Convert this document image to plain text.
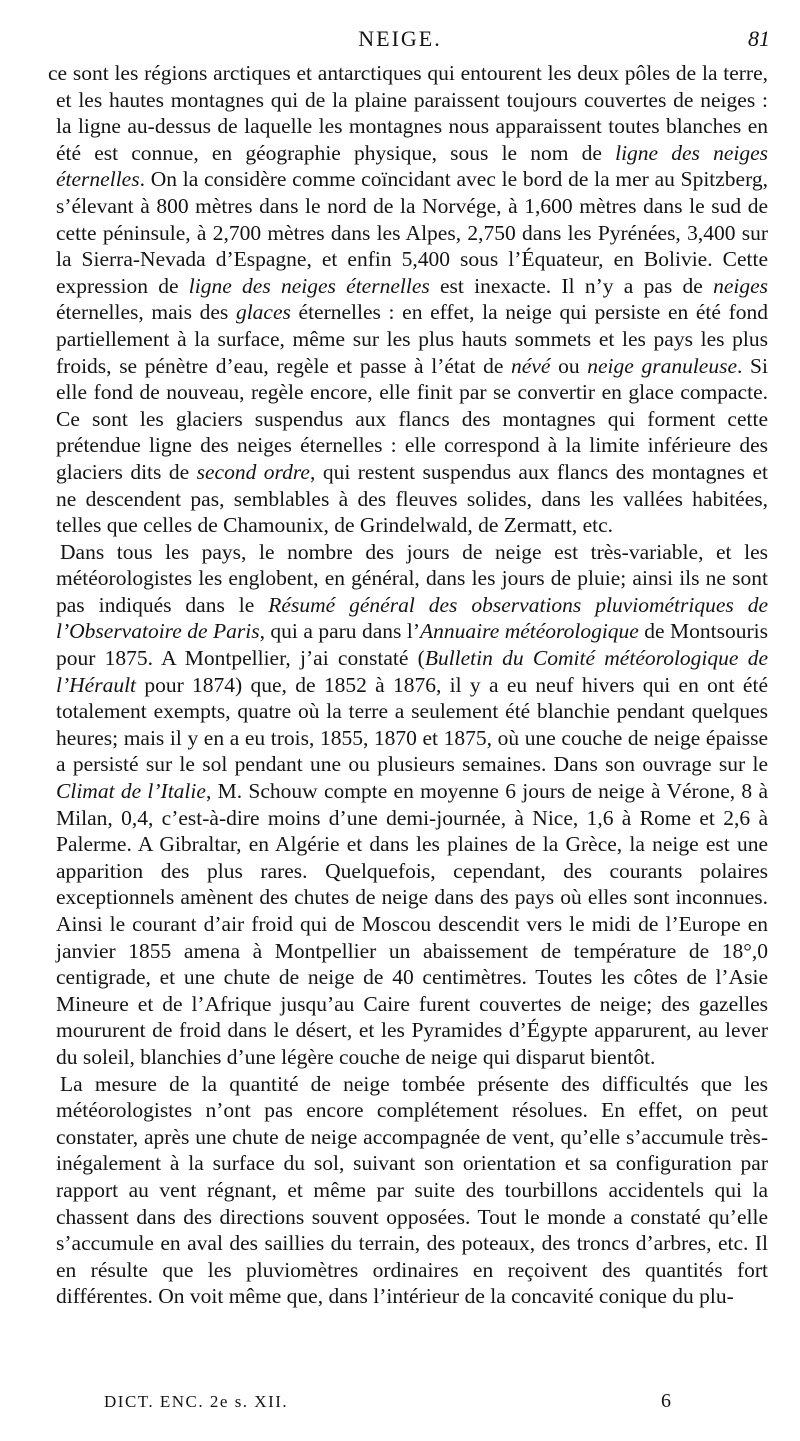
NEIGE.	81

ce sont les régions arctiques et antarctiques qui entourent les deux pôles de la terre, et les hautes montagnes qui de la plaine paraissent toujours couvertes de neiges : la ligne au-dessus de laquelle les montagnes nous apparaissent toutes blanches en été est connue, en géographie physique, sous le nom de ligne des neiges éternelles. On la considère comme coïncidant avec le bord de la mer au Spitzberg, s’élevant à 800 mètres dans le nord de la Norvége, à 1,600 mètres dans le sud de cette péninsule, à 2,700 mètres dans les Alpes, 2,750 dans les Pyrénées, 3,400 sur la Sierra-Nevada d’Espagne, et enfin 5,400 sous l’Équateur, en Bolivie. Cette expression de ligne des neiges éternelles est inexacte. Il n’y a pas de neiges éternelles, mais des glaces éternelles : en effet, la neige qui persiste en été fond partiellement à la surface, même sur les plus hauts sommets et les pays les plus froids, se pénètre d’eau, regèle et passe à l’état de névé ou neige granuleuse. Si elle fond de nouveau, regèle encore, elle finit par se convertir en glace compacte. Ce sont les glaciers suspendus aux flancs des montagnes qui forment cette prétendue ligne des neiges éternelles : elle correspond à la limite inférieure des glaciers dits de second ordre, qui restent suspendus aux flancs des montagnes et ne descendent pas, semblables à des fleuves solides, dans les vallées habitées, telles que celles de Chamounix, de Grindelwald, de Zermatt, etc.

Dans tous les pays, le nombre des jours de neige est très-variable, et les météorologistes les englobent, en général, dans les jours de pluie; ainsi ils ne sont pas indiqués dans le Résumé général des observations pluviométriques de l’Observatoire de Paris, qui a paru dans l’Annuaire météorologique de Montsouris pour 1875. A Montpellier, j’ai constaté (Bulletin du Comité météorologique de l’Hérault pour 1874) que, de 1852 à 1876, il y a eu neuf hivers qui en ont été totalement exempts, quatre où la terre a seulement été blanchie pendant quelques heures; mais il y en a eu trois, 1855, 1870 et 1875, où une couche de neige épaisse a persisté sur le sol pendant une ou plusieurs semaines. Dans son ouvrage sur le Climat de l’Italie, M. Schouw compte en moyenne 6 jours de neige à Vérone, 8 à Milan, 0,4, c’est-à-dire moins d’une demi-journée, à Nice, 1,6 à Rome et 2,6 à Palerme. A Gibraltar, en Algérie et dans les plaines de la Grèce, la neige est une apparition des plus rares. Quelquefois, cependant, des courants polaires exceptionnels amènent des chutes de neige dans des pays où elles sont inconnues. Ainsi le courant d’air froid qui de Moscou descendit vers le midi de l’Europe en janvier 1855 amena à Montpellier un abaissement de température de 18°,0 centigrade, et une chute de neige de 40 centimètres. Toutes les côtes de l’Asie Mineure et de l’Afrique jusqu’au Caire furent couvertes de neige; des gazelles moururent de froid dans le désert, et les Pyramides d’Égypte apparurent, au lever du soleil, blanchies d’une légère couche de neige qui disparut bientôt.

La mesure de la quantité de neige tombée présente des difficultés que les météorologistes n’ont pas encore complétement résolues. En effet, on peut constater, après une chute de neige accompagnée de vent, qu’elle s’accumule très-inégalement à la surface du sol, suivant son orientation et sa configuration par rapport au vent régnant, et même par suite des tourbillons accidentels qui la chassent dans des directions souvent opposées. Tout le monde a constaté qu’elle s’accumule en aval des saillies du terrain, des poteaux, des troncs d’arbres, etc. Il en résulte que les pluviomètres ordinaires en reçoivent des quantités fort différentes. On voit même que, dans l’intérieur de la concavité conique du plu-

DICT. ENC. 2e s. XII.	6
